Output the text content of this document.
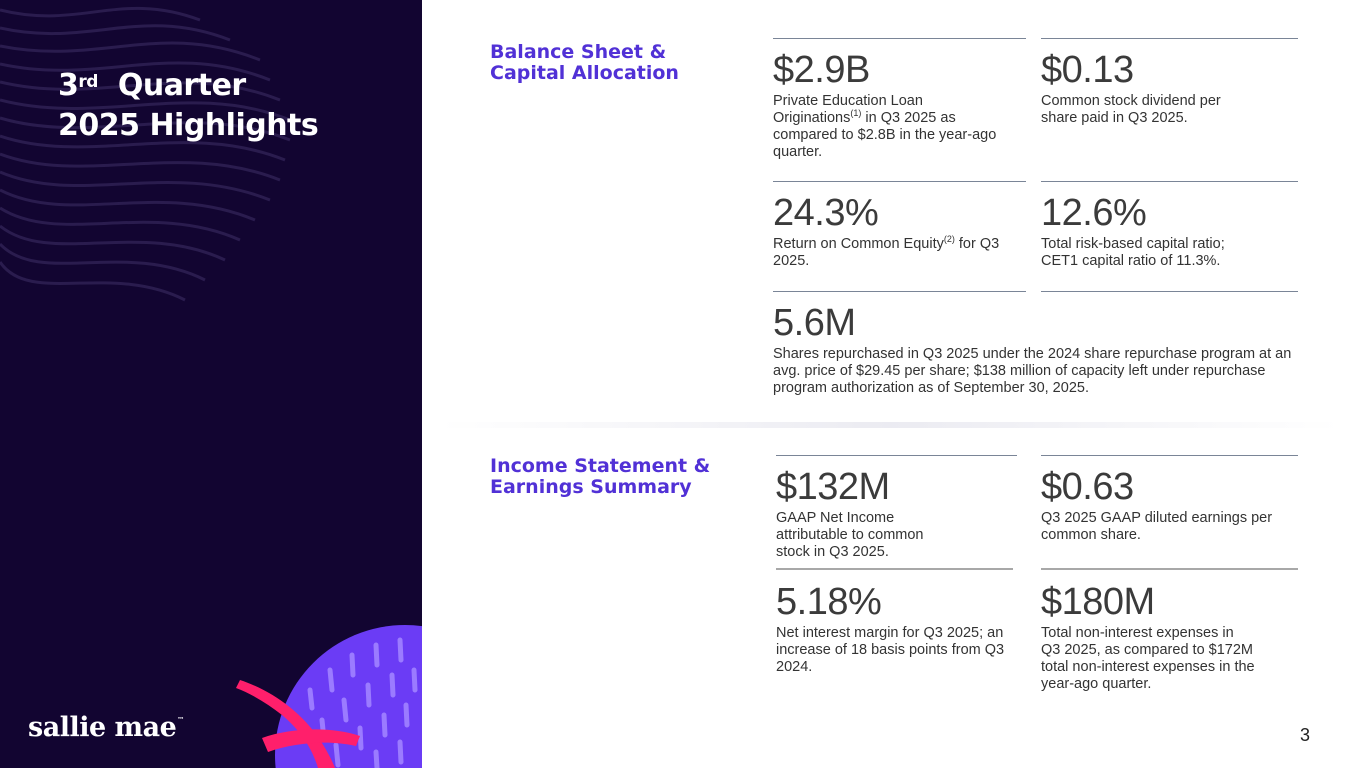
3rd Quarter
2025 Highlights
sallie mae™
Balance Sheet &
Capital Allocation $2.9B
Private Education Loan Originations$^{(1)}$ in Q3 2025 as compared to $2.8B in the year-ago quarter.
$0.13
Common stock dividend per share paid in Q3 2025.
24.3%
Return on Common Equity$^{(2)}$ for Q3 2025.
12.6%
Total risk-based capital ratio; CET1 capital ratio of 11.3%.
5.6M
Shares repurchased in Q3 2025 under the 2024 share repurchase program at an avg. price of $29.45 per share; $138 million of capacity left under repurchase program authorization as of September 30, 2025.
Income Statement &
Earnings Summary	$132M
GAAP Net Income attributable to common stock in Q3 2025.
$0.63
Q3 2025 GAAP diluted earnings per common share.
5.18%
Net interest margin for Q3 2025; an increase of 18 basis points from Q3 2024.
$180M
Total non-interest expenses in Q3 2025, as compared to $172M total non-interest expenses in the year-ago quarter.
3
